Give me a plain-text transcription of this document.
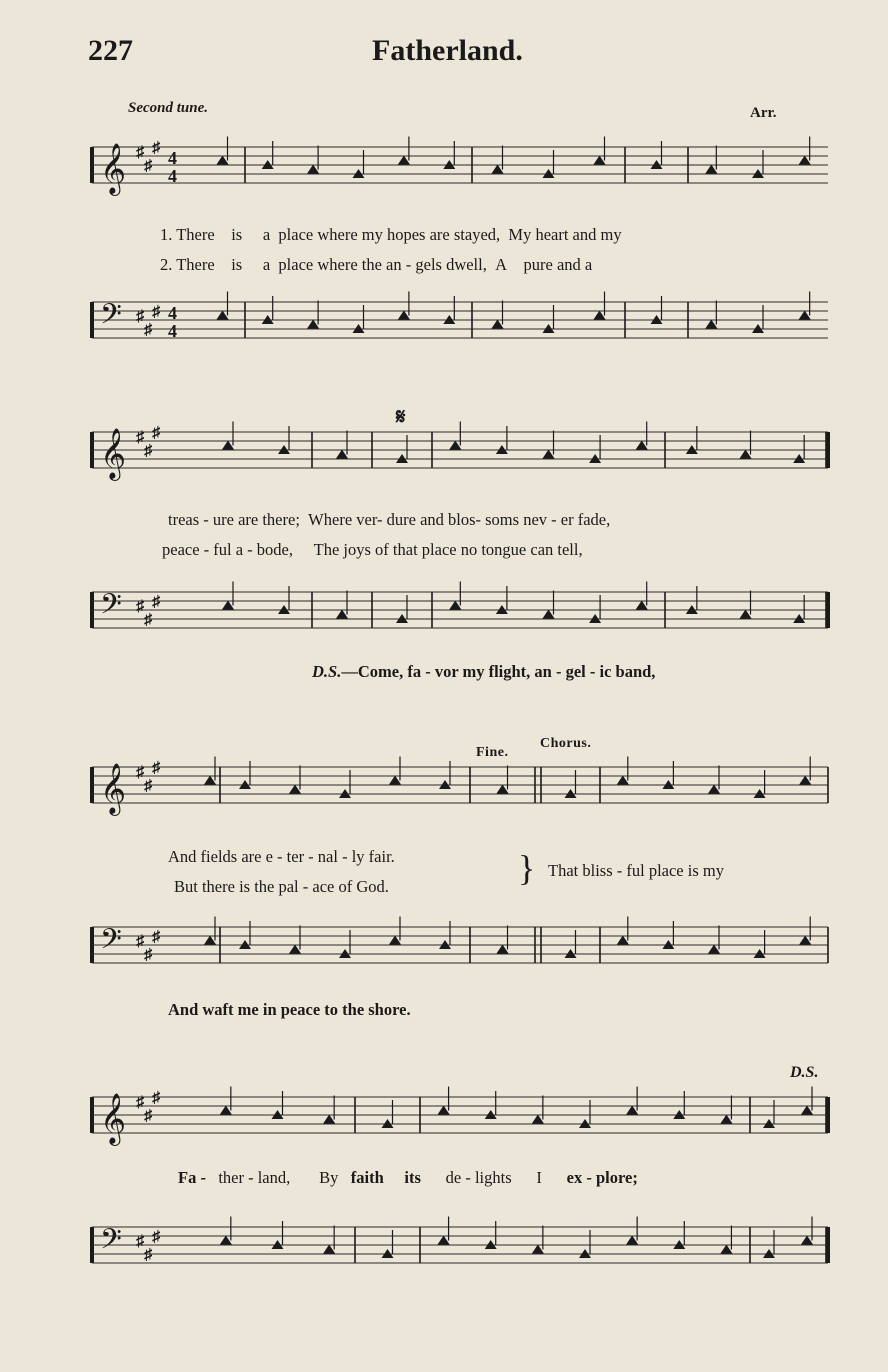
227	Fatherland.
Second tune.	Arr.
𝄞 ♯
♯
♯ 4
4
1. There is a place where my hopes are stayed, My heart and my
2. There is a place where the an - gels dwell, A pure and a
𝄢 ♯
♯
♯ 4
4
𝄋
𝄞 ♯
♯
♯
treas - ure are there; Where ver- dure and blos- soms nev - er fade,
peace - ful a - bode, The joys of that place no tongue can tell,
𝄢 ♯
♯
♯
D.S.—Come, fa - vor my flight, an - gel - ic band,
Fine.
Chorus.
𝄞 ♯
♯
♯
And fields are e - ter - nal - ly fair.
But there is the pal - ace of God.	} That bliss - ful place is my
𝄢 ♯
♯
♯
And waft me in peace to the shore.
D.S.
𝄞 ♯
♯
♯
Fa - ther - land, By faith its de - lights I ex - plore;
𝄢 ♯
♯
♯
